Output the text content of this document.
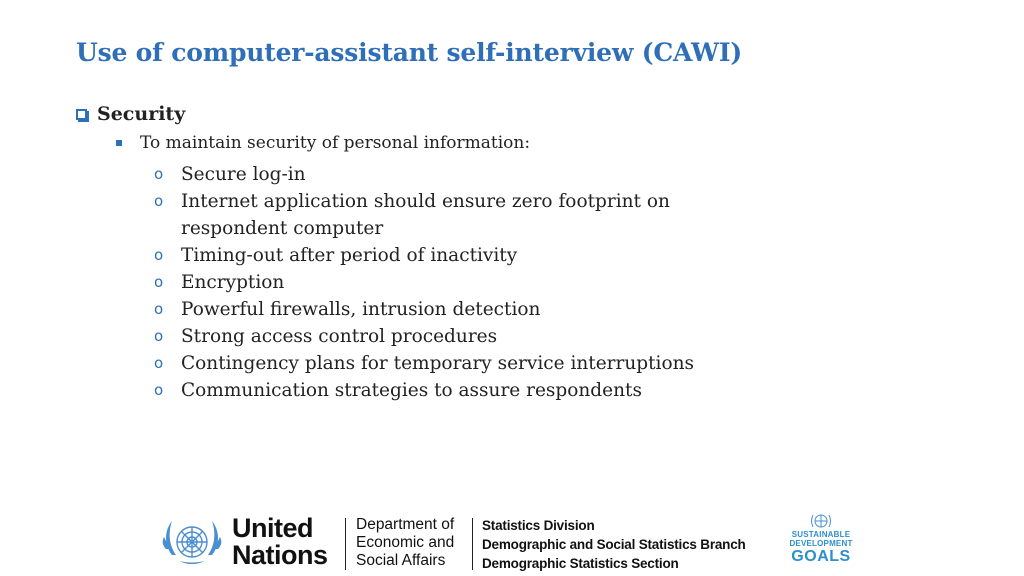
Use of computer-assistant self-interview (CAWI)
Security
To maintain security of personal information:
o Secure log-in
o Internet application should ensure zero footprint on respondent computer
o Timing-out after period of inactivity
o Encryption
o Powerful firewalls, intrusion detection
o Strong access control procedures
o Contingency plans for temporary service interruptions
o Communication strategies to assure respondents
United
Nations
Department of
Economic and
Social Affairs
Statistics Division
Demographic and Social Statistics Branch
Demographic Statistics Section
SUSTAINABLE
DEVELOPMENT
GOALS
